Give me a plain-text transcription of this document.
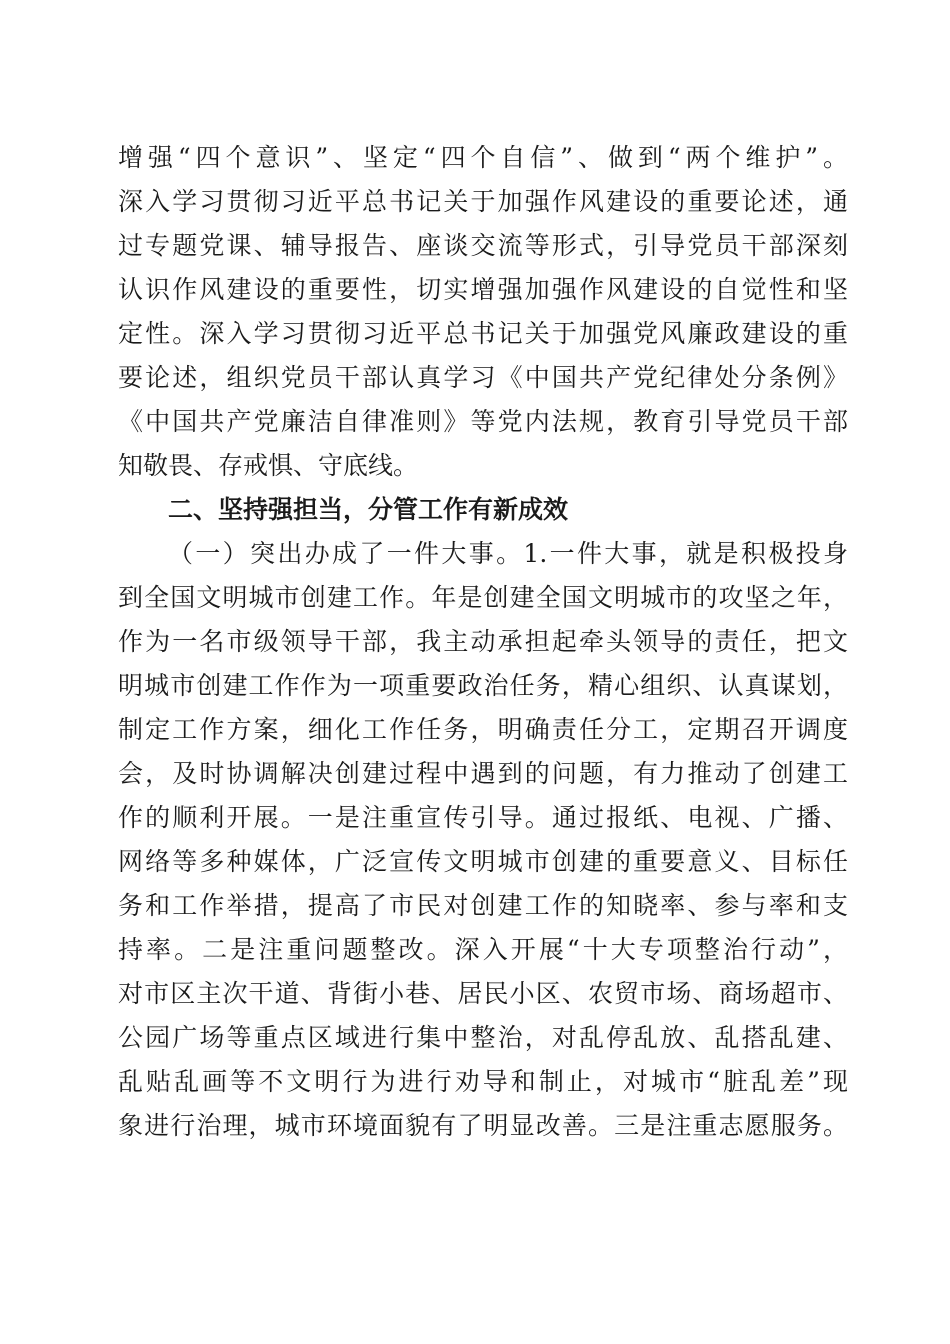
增强“四个意识”、坚定“四个自信”、做到“两个维护”。
深入学习贯彻习近平总书记关于加强作风建设的重要论述，通
过专题党课、辅导报告、座谈交流等形式，引导党员干部深刻
认识作风建设的重要性，切实增强加强作风建设的自觉性和坚
定性。深入学习贯彻习近平总书记关于加强党风廉政建设的重
要论述，组织党员干部认真学习《中国共产党纪律处分条例》
《中国共产党廉洁自律准则》等党内法规，教育引导党员干部
知敬畏、存戒惧、守底线。
二、坚持强担当，分管工作有新成效
（一）突出办成了一件大事。1.一件大事，就是积极投身
到全国文明城市创建工作。年是创建全国文明城市的攻坚之年，
作为一名市级领导干部，我主动承担起牵头领导的责任，把文
明城市创建工作作为一项重要政治任务，精心组织、认真谋划，
制定工作方案，细化工作任务，明确责任分工，定期召开调度
会，及时协调解决创建过程中遇到的问题，有力推动了创建工
作的顺利开展。一是注重宣传引导。通过报纸、电视、广播、
网络等多种媒体，广泛宣传文明城市创建的重要意义、目标任
务和工作举措，提高了市民对创建工作的知晓率、参与率和支
持率。二是注重问题整改。深入开展“十大专项整治行动”，
对市区主次干道、背街小巷、居民小区、农贸市场、商场超市、
公园广场等重点区域进行集中整治，对乱停乱放、乱搭乱建、
乱贴乱画等不文明行为进行劝导和制止，对城市“脏乱差”现
象进行治理，城市环境面貌有了明显改善。三是注重志愿服务。
